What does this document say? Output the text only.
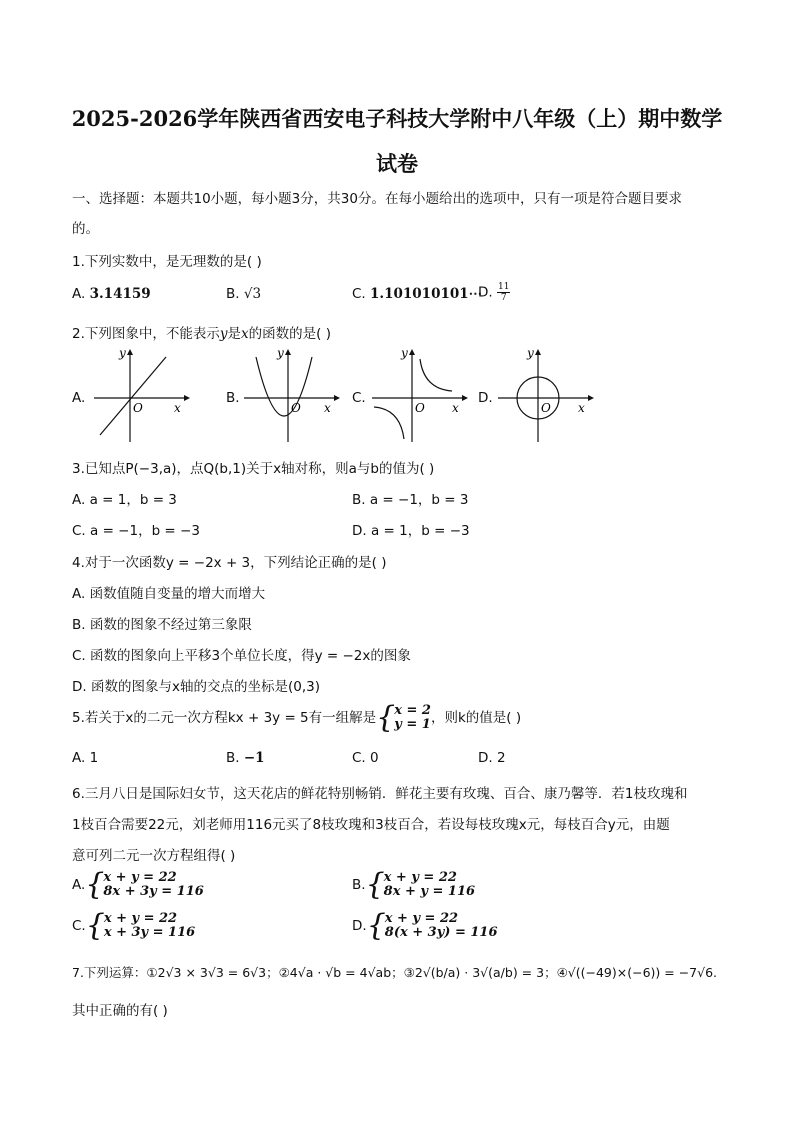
2025-2026学年陕西省西安电子科技大学附中八年级（上）期中数学
试卷
一、选择题：本题共10小题，每小题3分，共30分。在每小题给出的选项中，只有一项是符合题目要求
的。
1.下列实数中，是无理数的是( )
A. 3.14159	B. √3	C. 1.101010101⋯
D. $\frac{11}{7}$
2.下列图象中，不能表示y是x的函数的是( )
A.
y
x
O
B.
y
x
O
C.
y
x
O
D.
y
x
O
3.已知点P(−3,a)，点Q(b,1)关于x轴对称，则a与b的值为( )
A. a = 1，b = 3	B. a = −1，b = 3
C. a = −1，b = −3	D. a = 1，b = −3
4.对于一次函数y = −2x + 3，下列结论正确的是( )
A. 函数值随自变量的增大而增大
B. 函数的图象不经过第三象限
C. 函数的图象向上平移3个单位长度，得y = −2x的图象
D. 函数的图象与x轴的交点的坐标是(0,3)
5.若关于x的二元一次方程kx + 3y = 5有一组解是{ x = 2
y = 1 ，则k的值是( )
A. 1	B. −1	C. 0	D. 2
6.三月八日是国际妇女节，这天花店的鲜花特别畅销．鲜花主要有玫瑰、百合、康乃馨等．若1枝玫瑰和
1枝百合需要22元，刘老师用116元买了8枝玫瑰和3枝百合，若设每枝玫瑰x元，每枝百合y元，由题
意可列二元一次方程组得( )
A.{ x + y = 22
8x + 3y = 116	B.{ x + y = 22
8x + y = 116
C.{ x + y = 22
x + 3y = 116	D.{ x + y = 22
8(x + 3y) = 116
7.下列运算：①2√3 × 3√3 = 6√3；②4√a · √b = 4√ab；③2√(b/a) · 3√(a/b) = 3；④√((−49)×(−6)) = −7√6.
其中正确的有( )
